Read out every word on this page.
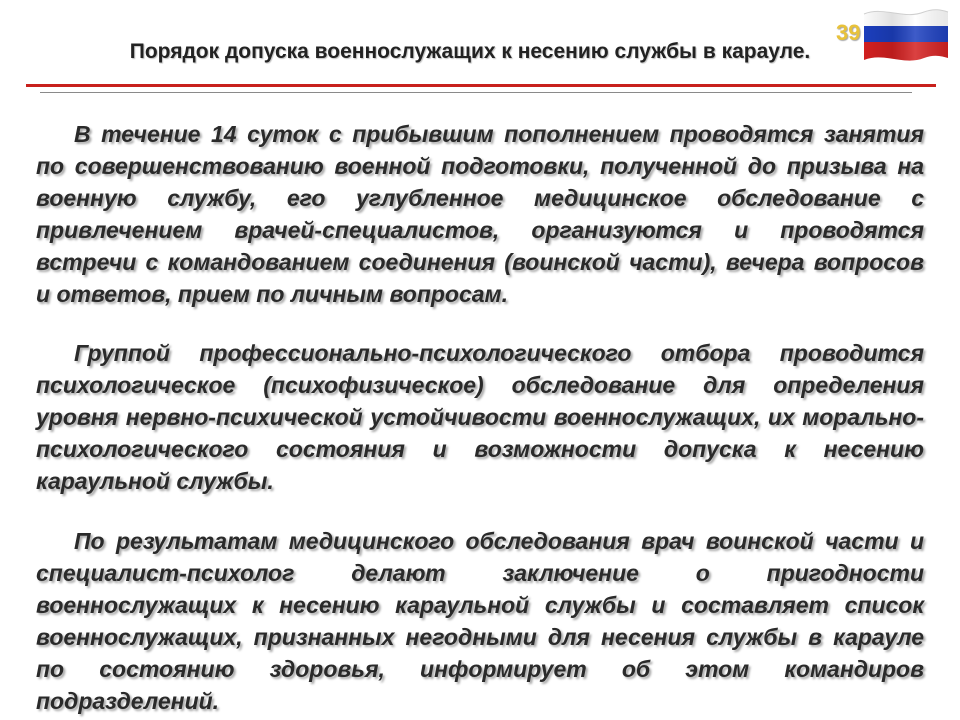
Порядок допуска военнослужащих к несению службы в карауле.
39

В течение 14 суток с прибывшим пополнением проводятся занятия по совершенствованию военной подготовки, полученной до призыва на военную службу, его углубленное медицинское обследование с привлечением врачей-специалистов, организуются и проводятся встречи с командованием соединения (воинской части), вечера вопросов и ответов, прием по личным вопросам.

Группой профессионально-психологического отбора проводится психологическое (психофизическое) обследование для определения уровня нервно-психической устойчивости военнослужащих, их морально-психологического состояния и возможности допуска к несению караульной службы.

По результатам медицинского обследования врач воинской части и специалист-психолог делают заключение о пригодности военнослужащих к несению караульной службы и составляет список военнослужащих, признанных негодными для несения службы в карауле по состоянию здоровья, информирует об этом командиров подразделений.
